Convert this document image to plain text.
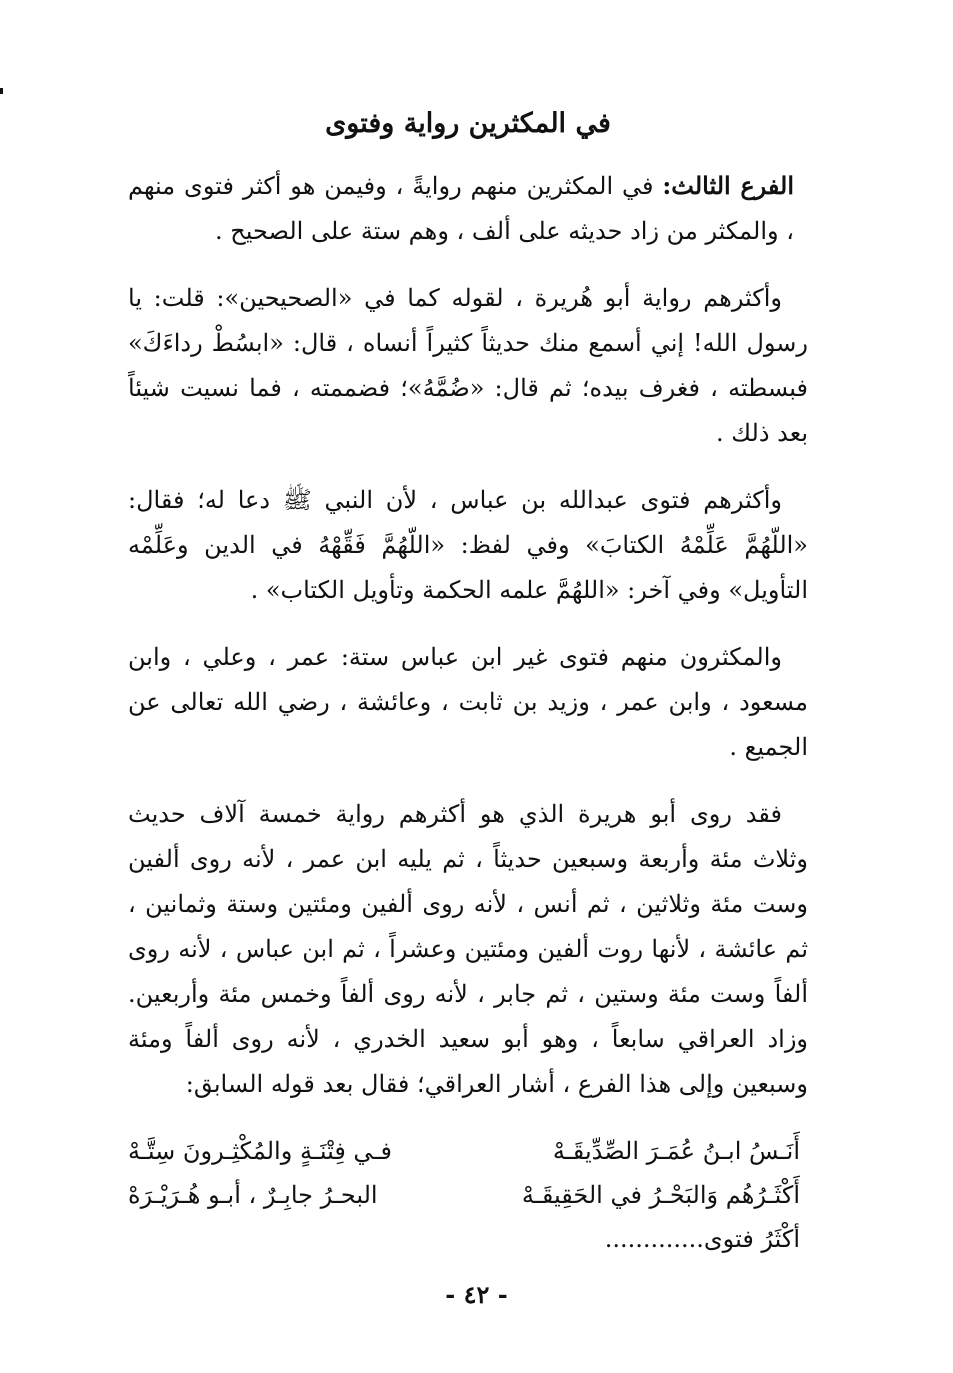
في المكثرين رواية وفتوى

الفرع الثالث: في المكثرين منهم روايةً ، وفيمن هو أكثر فتوى منهم ، والمكثر من زاد حديثه على ألف ، وهم ستة على الصحيح .

وأكثرهم رواية أبو هُريرة ، لقوله كما في «الصحيحين»: قلت: يا رسول الله! إني أسمع منك حديثاً كثيراً أنساه ، قال: «ابسُطْ رداءَكَ» فبسطته ، فغرف بيده؛ ثم قال: «ضُمَّهُ»؛ فضممته ، فما نسيت شيئاً بعد ذلك .

وأكثرهم فتوى عبدالله بن عباس ، لأن النبي ﷺ دعا له؛ فقال: «اللّهُمَّ عَلِّمْهُ الكتابَ» وفي لفظ: «اللّهُمَّ فَقِّهْهُ في الدين وعَلِّمْه التأويل» وفي آخر: «اللهُمَّ علمه الحكمة وتأويل الكتاب» .

والمكثرون منهم فتوى غير ابن عباس ستة: عمر ، وعلي ، وابن مسعود ، وابن عمر ، وزيد بن ثابت ، وعائشة ، رضي الله تعالى عن الجميع .

فقد روى أبو هريرة الذي هو أكثرهم رواية خمسة آلاف حديث وثلاث مئة وأربعة وسبعين حديثاً ، ثم يليه ابن عمر ، لأنه روى ألفين وست مئة وثلاثين ، ثم أنس ، لأنه روى ألفين ومئتين وستة وثمانين ، ثم عائشة ، لأنها روت ألفين ومئتين وعشراً ، ثم ابن عباس ، لأنه روى ألفاً وست مئة وستين ، ثم جابر ، لأنه روى ألفاً وخمس مئة وأربعين. وزاد العراقي سابعاً ، وهو أبو سعيد الخدري ، لأنه روى ألفاً ومئة وسبعين وإلى هذا الفرع ، أشار العراقي؛ فقال بعد قوله السابق:

أَنَـسُ ابـنُ عُمَـرَ الصِّدِّيقَـهْ
فـي فِتْنَـةٍ والمُكْثِـرونَ سِتَّـهْ
أَكْثَـرُهُم وَالبَحْـرُ في الحَقِيقَـهْ
البحـرُ جابِـرٌ ، أبـو هُـرَيْـرَهْ
أكْثَرُ فتوى.............
- ٤٢ -
